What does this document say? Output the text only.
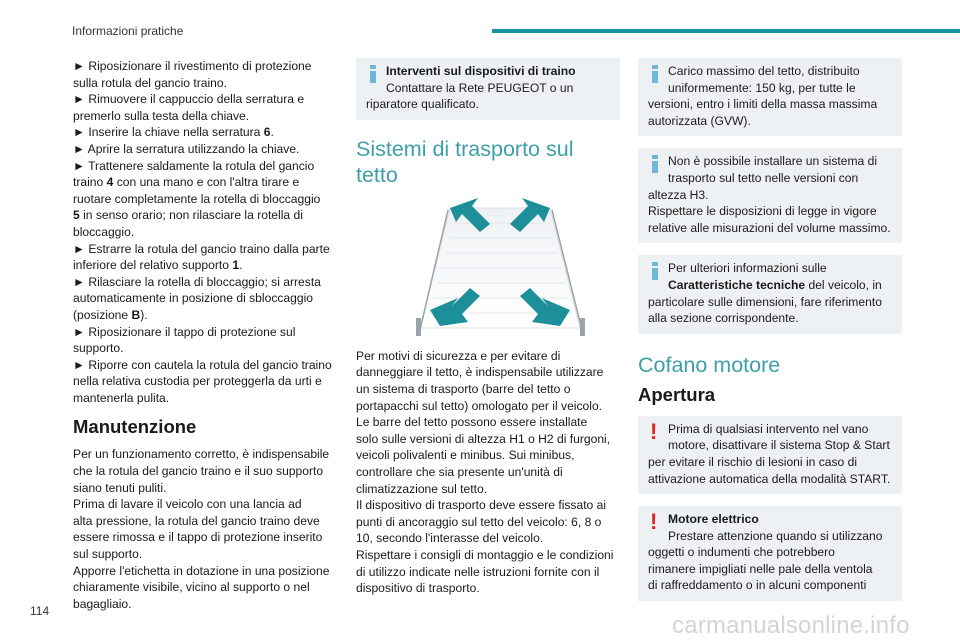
Informazioni pratiche

► Riposizionare il rivestimento di protezione

sulla rotula del gancio traino.

► Rimuovere il cappuccio della serratura e

premerlo sulla testa della chiave.

► Inserire la chiave nella serratura 6.

► Aprire la serratura utilizzando la chiave.

► Trattenere saldamente la rotula del gancio

traino 4 con una mano e con l'altra tirare e

ruotare completamente la rotella di bloccaggio

5 in senso orario; non rilasciare la rotella di

bloccaggio.

► Estrarre la rotula del gancio traino dalla parte

inferiore del relativo supporto 1.

► Rilasciare la rotella di bloccaggio; si arresta

automaticamente in posizione di sbloccaggio

(posizione B).

► Riposizionare il tappo di protezione sul

supporto.

► Riporre con cautela la rotula del gancio traino

nella relativa custodia per proteggerla da urti e

mantenerla pulita.

Manutenzione

Per un funzionamento corretto, è indispensabile

che la rotula del gancio traino e il suo supporto

siano tenuti puliti.

Prima di lavare il veicolo con una lancia ad

alta pressione, la rotula del gancio traino deve

essere rimossa e il tappo di protezione inserito

sul supporto.

Apporre l'etichetta in dotazione in una posizione

chiaramente visibile, vicino al supporto o nel

bagagliaio.

Interventi sul dispositivi di traino
Contattare la Rete PEUGEOT o un
riparatore qualificato.
Sistemi di trasporto sul
tetto

Per motivi di sicurezza e per evitare di

danneggiare il tetto, è indispensabile utilizzare

un sistema di trasporto (barre del tetto o

portapacchi sul tetto) omologato per il veicolo.

Le barre del tetto possono essere installate

solo sulle versioni di altezza H1 o H2 di furgoni,

veicoli polivalenti e minibus. Sui minibus,

controllare che sia presente un'unità di

climatizzazione sul tetto.

Il dispositivo di trasporto deve essere fissato ai

punti di ancoraggio sul tetto del veicolo: 6, 8 o

10, secondo l'interasse del veicolo.

Rispettare i consigli di montaggio e le condizioni

di utilizzo indicate nelle istruzioni fornite con il

dispositivo di trasporto.

Carico massimo del tetto, distribuito
uniformemente: 150 kg, per tutte le
versioni, entro i limiti della massa massima
autorizzata (GVW).
Non è possibile installare un sistema di
trasporto sul tetto nelle versioni con
altezza H3.
Rispettare le disposizioni di legge in vigore
relative alle misurazioni del volume massimo.
Per ulteriori informazioni sulle
Caratteristiche tecniche del veicolo, in
particolare sulle dimensioni, fare riferimento
alla sezione corrispondente.
Cofano motore
Apertura
! Prima di qualsiasi intervento nel vano
motore, disattivare il sistema Stop & Start
per evitare il rischio di lesioni in caso di
attivazione automatica della modalità START.
! Motore elettrico
Prestare attenzione quando si utilizzano
oggetti o indumenti che potrebbero
rimanere impigliati nelle pale della ventola
di raffreddamento o in alcuni componenti
114
carmanualsonline.info
